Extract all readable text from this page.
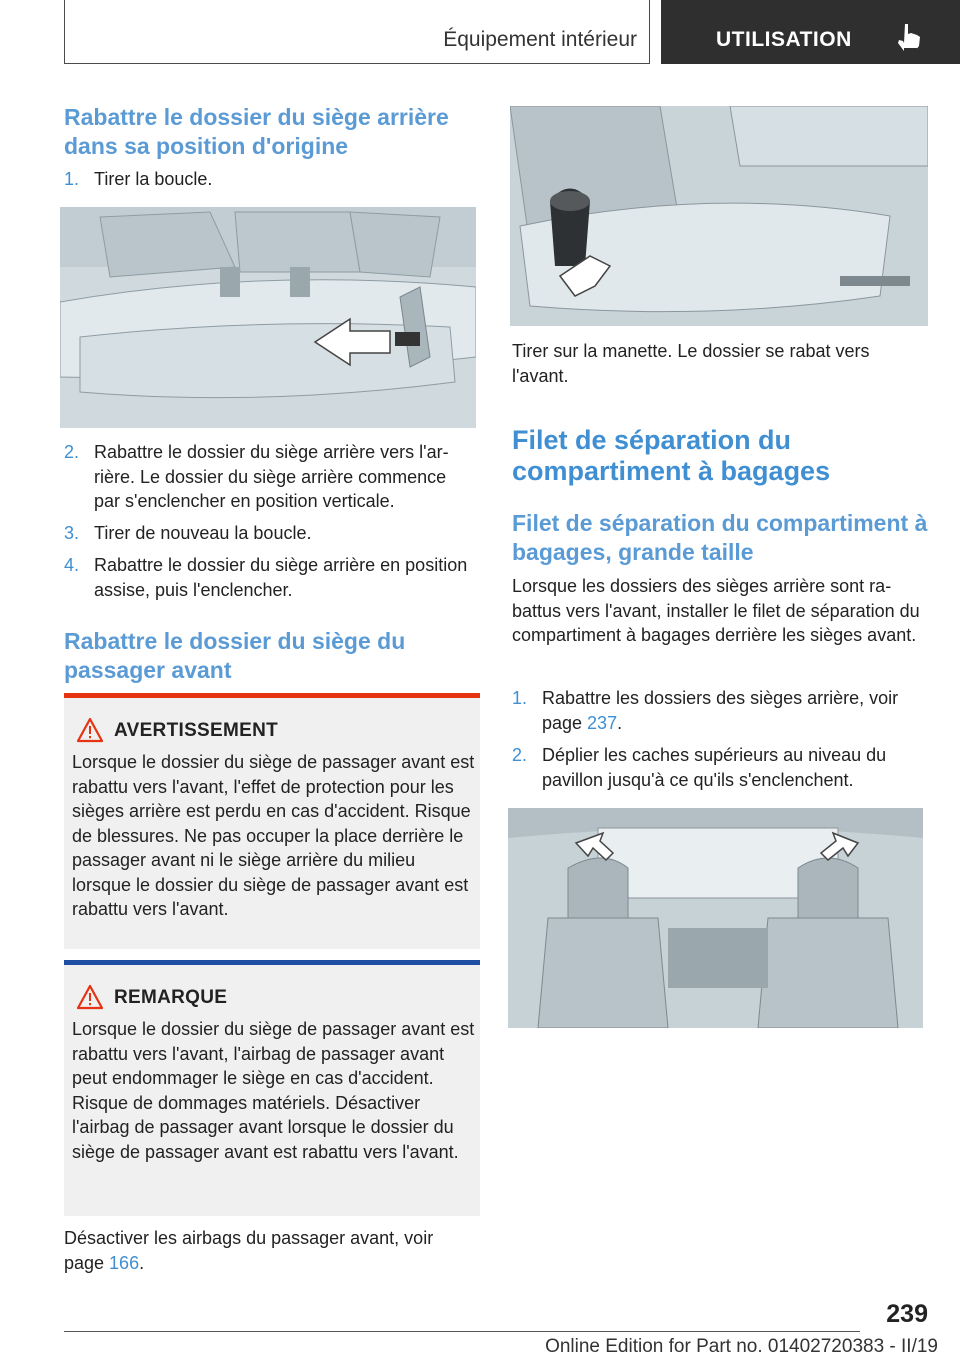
Équipement intérieur	UTILISATION
Rabattre le dossier du siège arrière dans sa position d'origine
1. Tirer la boucle.
2. Rabattre le dossier du siège arrière vers l'arrière. Le dossier du siège arrière commence par s'enclencher en position verticale.
3. Tirer de nouveau la boucle.
4. Rabattre le dossier du siège arrière en position assise, puis l'enclencher.
Rabattre le dossier du siège du passager avant
AVERTISSEMENT
Lorsque le dossier du siège de passager avant est rabattu vers l'avant, l'effet de protection pour les sièges arrière est perdu en cas d'accident. Risque de blessures. Ne pas occuper la place derrière le passager avant ni le siège arrière du milieu lorsque le dossier du siège de passager avant est rabattu vers l'avant.
REMARQUE
Lorsque le dossier du siège de passager avant est rabattu vers l'avant, l'airbag de passager avant peut endommager le siège en cas d'accident. Risque de dommages matériels. Désactiver l'airbag de passager avant lorsque le dossier du siège de passager avant est rabattu vers l'avant.

Désactiver les airbags du passager avant, voir page 166.

Tirer sur la manette. Le dossier se rabat vers l'avant.

Filet de séparation du compartiment à bagages
Filet de séparation du compartiment à bagages, grande taille

Lorsque les dossiers des sièges arrière sont rabattus vers l'avant, installer le filet de séparation du compartiment à bagages derrière les sièges avant.

1. Rabattre les dossiers des sièges arrière, voir page 237.
2. Déplier les caches supérieurs au niveau du pavillon jusqu'à ce qu'ils s'enclenchent.
239
Online Edition for Part no. 01402720383 - II/19
